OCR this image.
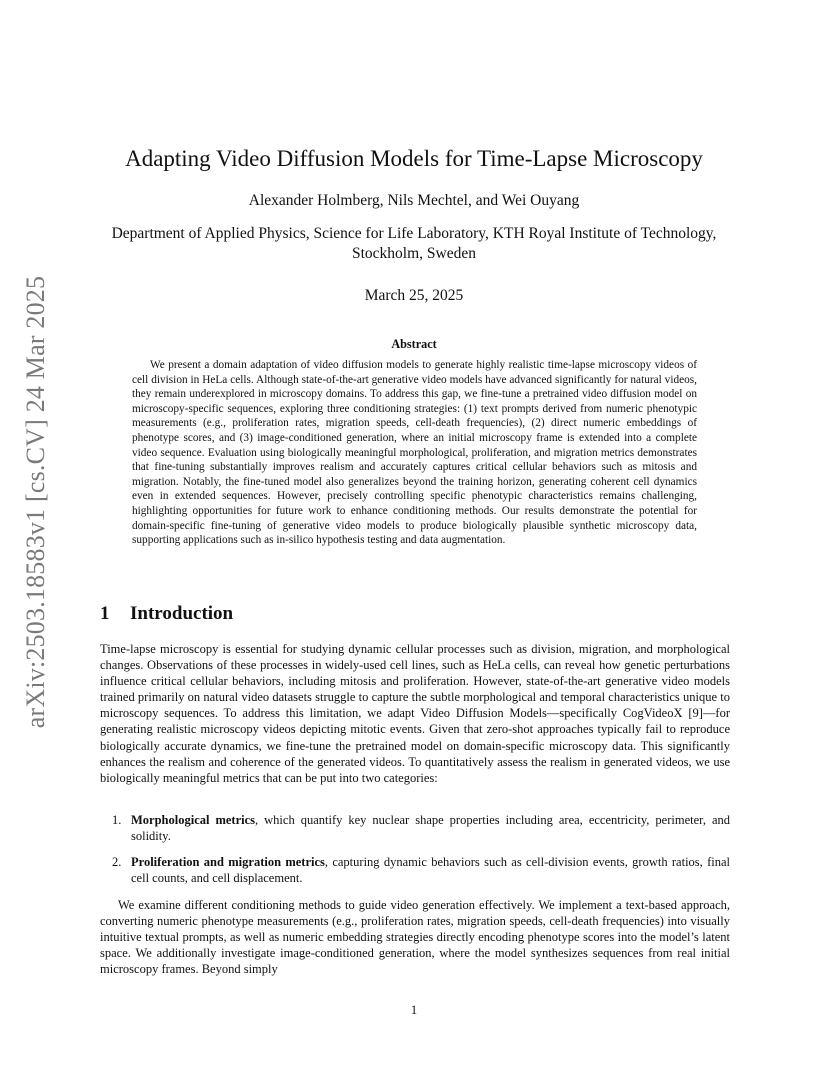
arXiv:2503.18583v1 [cs.CV] 24 Mar 2025
Adapting Video Diffusion Models for Time-Lapse Microscopy
Alexander Holmberg, Nils Mechtel, and Wei Ouyang
Department of Applied Physics, Science for Life Laboratory, KTH Royal Institute of Technology, Stockholm, Sweden
March 25, 2025
Abstract

We present a domain adaptation of video diffusion models to generate highly realistic time-lapse microscopy videos of cell division in HeLa cells. Although state-of-the-art generative video models have advanced significantly for natural videos, they remain underexplored in microscopy domains. To address this gap, we fine-tune a pretrained video diffusion model on microscopy-specific sequences, exploring three conditioning strategies: (1) text prompts derived from numeric phenotypic measurements (e.g., proliferation rates, migration speeds, cell-death frequencies), (2) direct numeric embeddings of phenotype scores, and (3) image-conditioned generation, where an initial microscopy frame is extended into a complete video sequence. Evaluation using biologically meaningful morphological, proliferation, and migration metrics demonstrates that fine-tuning substantially improves realism and accurately captures critical cellular behaviors such as mitosis and migration. Notably, the fine-tuned model also generalizes beyond the training horizon, generating coherent cell dynamics even in extended sequences. However, precisely controlling specific phenotypic characteristics remains challenging, highlighting opportunities for future work to enhance conditioning methods. Our results demonstrate the potential for domain-specific fine-tuning of generative video models to produce biologically plausible synthetic microscopy data, supporting applications such as in-silico hypothesis testing and data augmentation.

1 Introduction

Time-lapse microscopy is essential for studying dynamic cellular processes such as division, migration, and morphological changes. Observations of these processes in widely-used cell lines, such as HeLa cells, can reveal how genetic perturbations influence critical cellular behaviors, including mitosis and proliferation. However, state-of-the-art generative video models trained primarily on natural video datasets struggle to capture the subtle morphological and temporal characteristics unique to microscopy sequences. To address this limitation, we adapt Video Diffusion Models—specifically CogVideoX [9]—for generating realistic microscopy videos depicting mitotic events. Given that zero-shot approaches typically fail to reproduce biologically accurate dynamics, we fine-tune the pretrained model on domain-specific microscopy data. This significantly enhances the realism and coherence of the generated videos. To quantitatively assess the realism in generated videos, we use biologically meaningful metrics that can be put into two categories:

1. Morphological metrics, which quantify key nuclear shape properties including area, eccentricity, perimeter, and solidity.
2. Proliferation and migration metrics, capturing dynamic behaviors such as cell-division events, growth ratios, final cell counts, and cell displacement.

We examine different conditioning methods to guide video generation effectively. We implement a text-based approach, converting numeric phenotype measurements (e.g., proliferation rates, migration speeds, cell-death frequencies) into visually intuitive textual prompts, as well as numeric embedding strategies directly encoding phenotype scores into the model’s latent space. We additionally investigate image-conditioned generation, where the model synthesizes sequences from real initial microscopy frames. Beyond simply

1
